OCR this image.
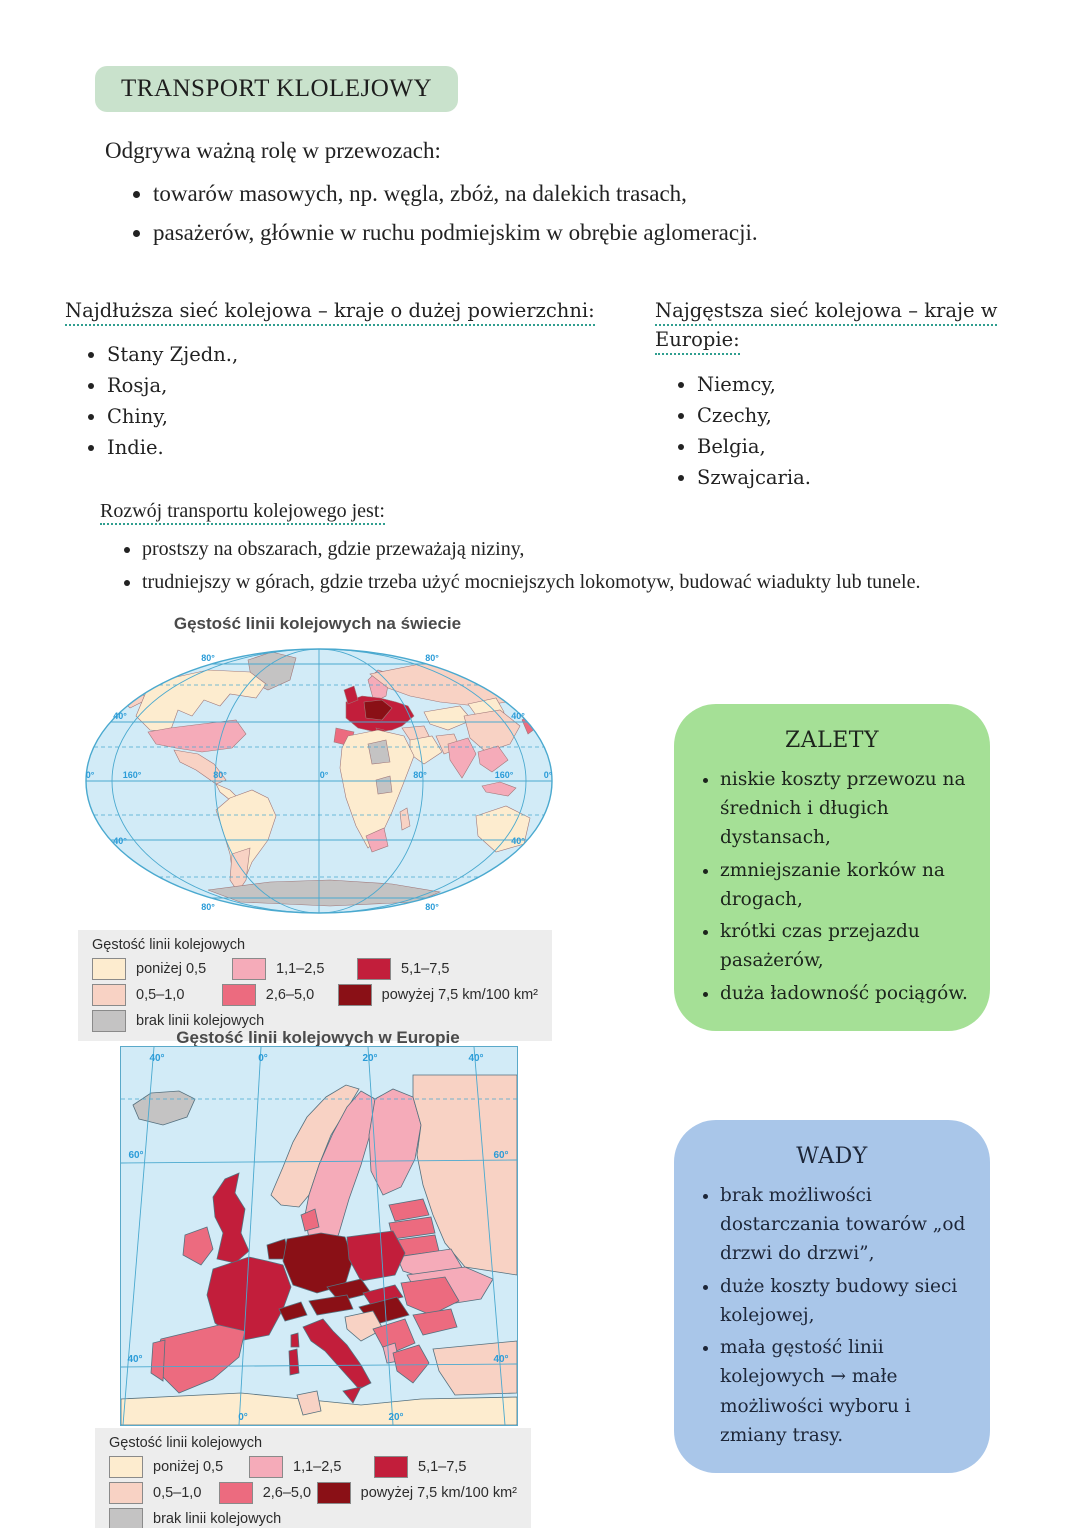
TRANSPORT KLOLEJOWY

Odgrywa ważną rolę w przewozach:

• towarów masowych, np. węgla, zbóż, na dalekich trasach,
• pasażerów, głównie w ruchu podmiejskim w obrębie aglomeracji.
Najdłuższa sieć kolejowa – kraje o dużej powierzchni:
• Stany Zjedn.,
• Rosja,
• Chiny,
• Indie.
Najgęstsza sieć kolejowa – kraje w Europie:
• Niemcy,
• Czechy,
• Belgia,
• Szwajcaria.
Rozwój transportu kolejowego jest:
• prostszy na obszarach, gdzie przeważają niziny,
• trudniejszy w górach, gdzie trzeba użyć mocniejszych lokomotyw, budować wiadukty lub tunele.
Gęstość linii kolejowych na świecie
80°	80°
40°	40°
0°	0°
160°	80°	0°	80°	160°
40°	40°
80°	80°
Gęstość linii kolejowych
poniżej 0,5	1,1–2,5	5,1–7,5
0,5–1,0	2,6–5,0	powyżej 7,5 km/100 km²
brak linii kolejowych
ZALETY
• niskie koszty przewozu na średnich i długich dystansach,
• zmniejszanie korków na drogach,
• krótki czas przejazdu pasażerów,
• duża ładowność pociągów.
Gęstość linii kolejowych w Europie
40°	0°	20°	40°
60°	60°
40°	40°
0°	20°
Gęstość linii kolejowych
poniżej 0,5	1,1–2,5	5,1–7,5
0,5–1,0	2,6–5,0	powyżej 7,5 km/100 km²
brak linii kolejowych
WADY
• brak możliwości dostarczania towarów „od drzwi do drzwi”,
• duże koszty budowy sieci kolejowej,
• mała gęstość linii kolejowych → małe możliwości wyboru i zmiany trasy.
